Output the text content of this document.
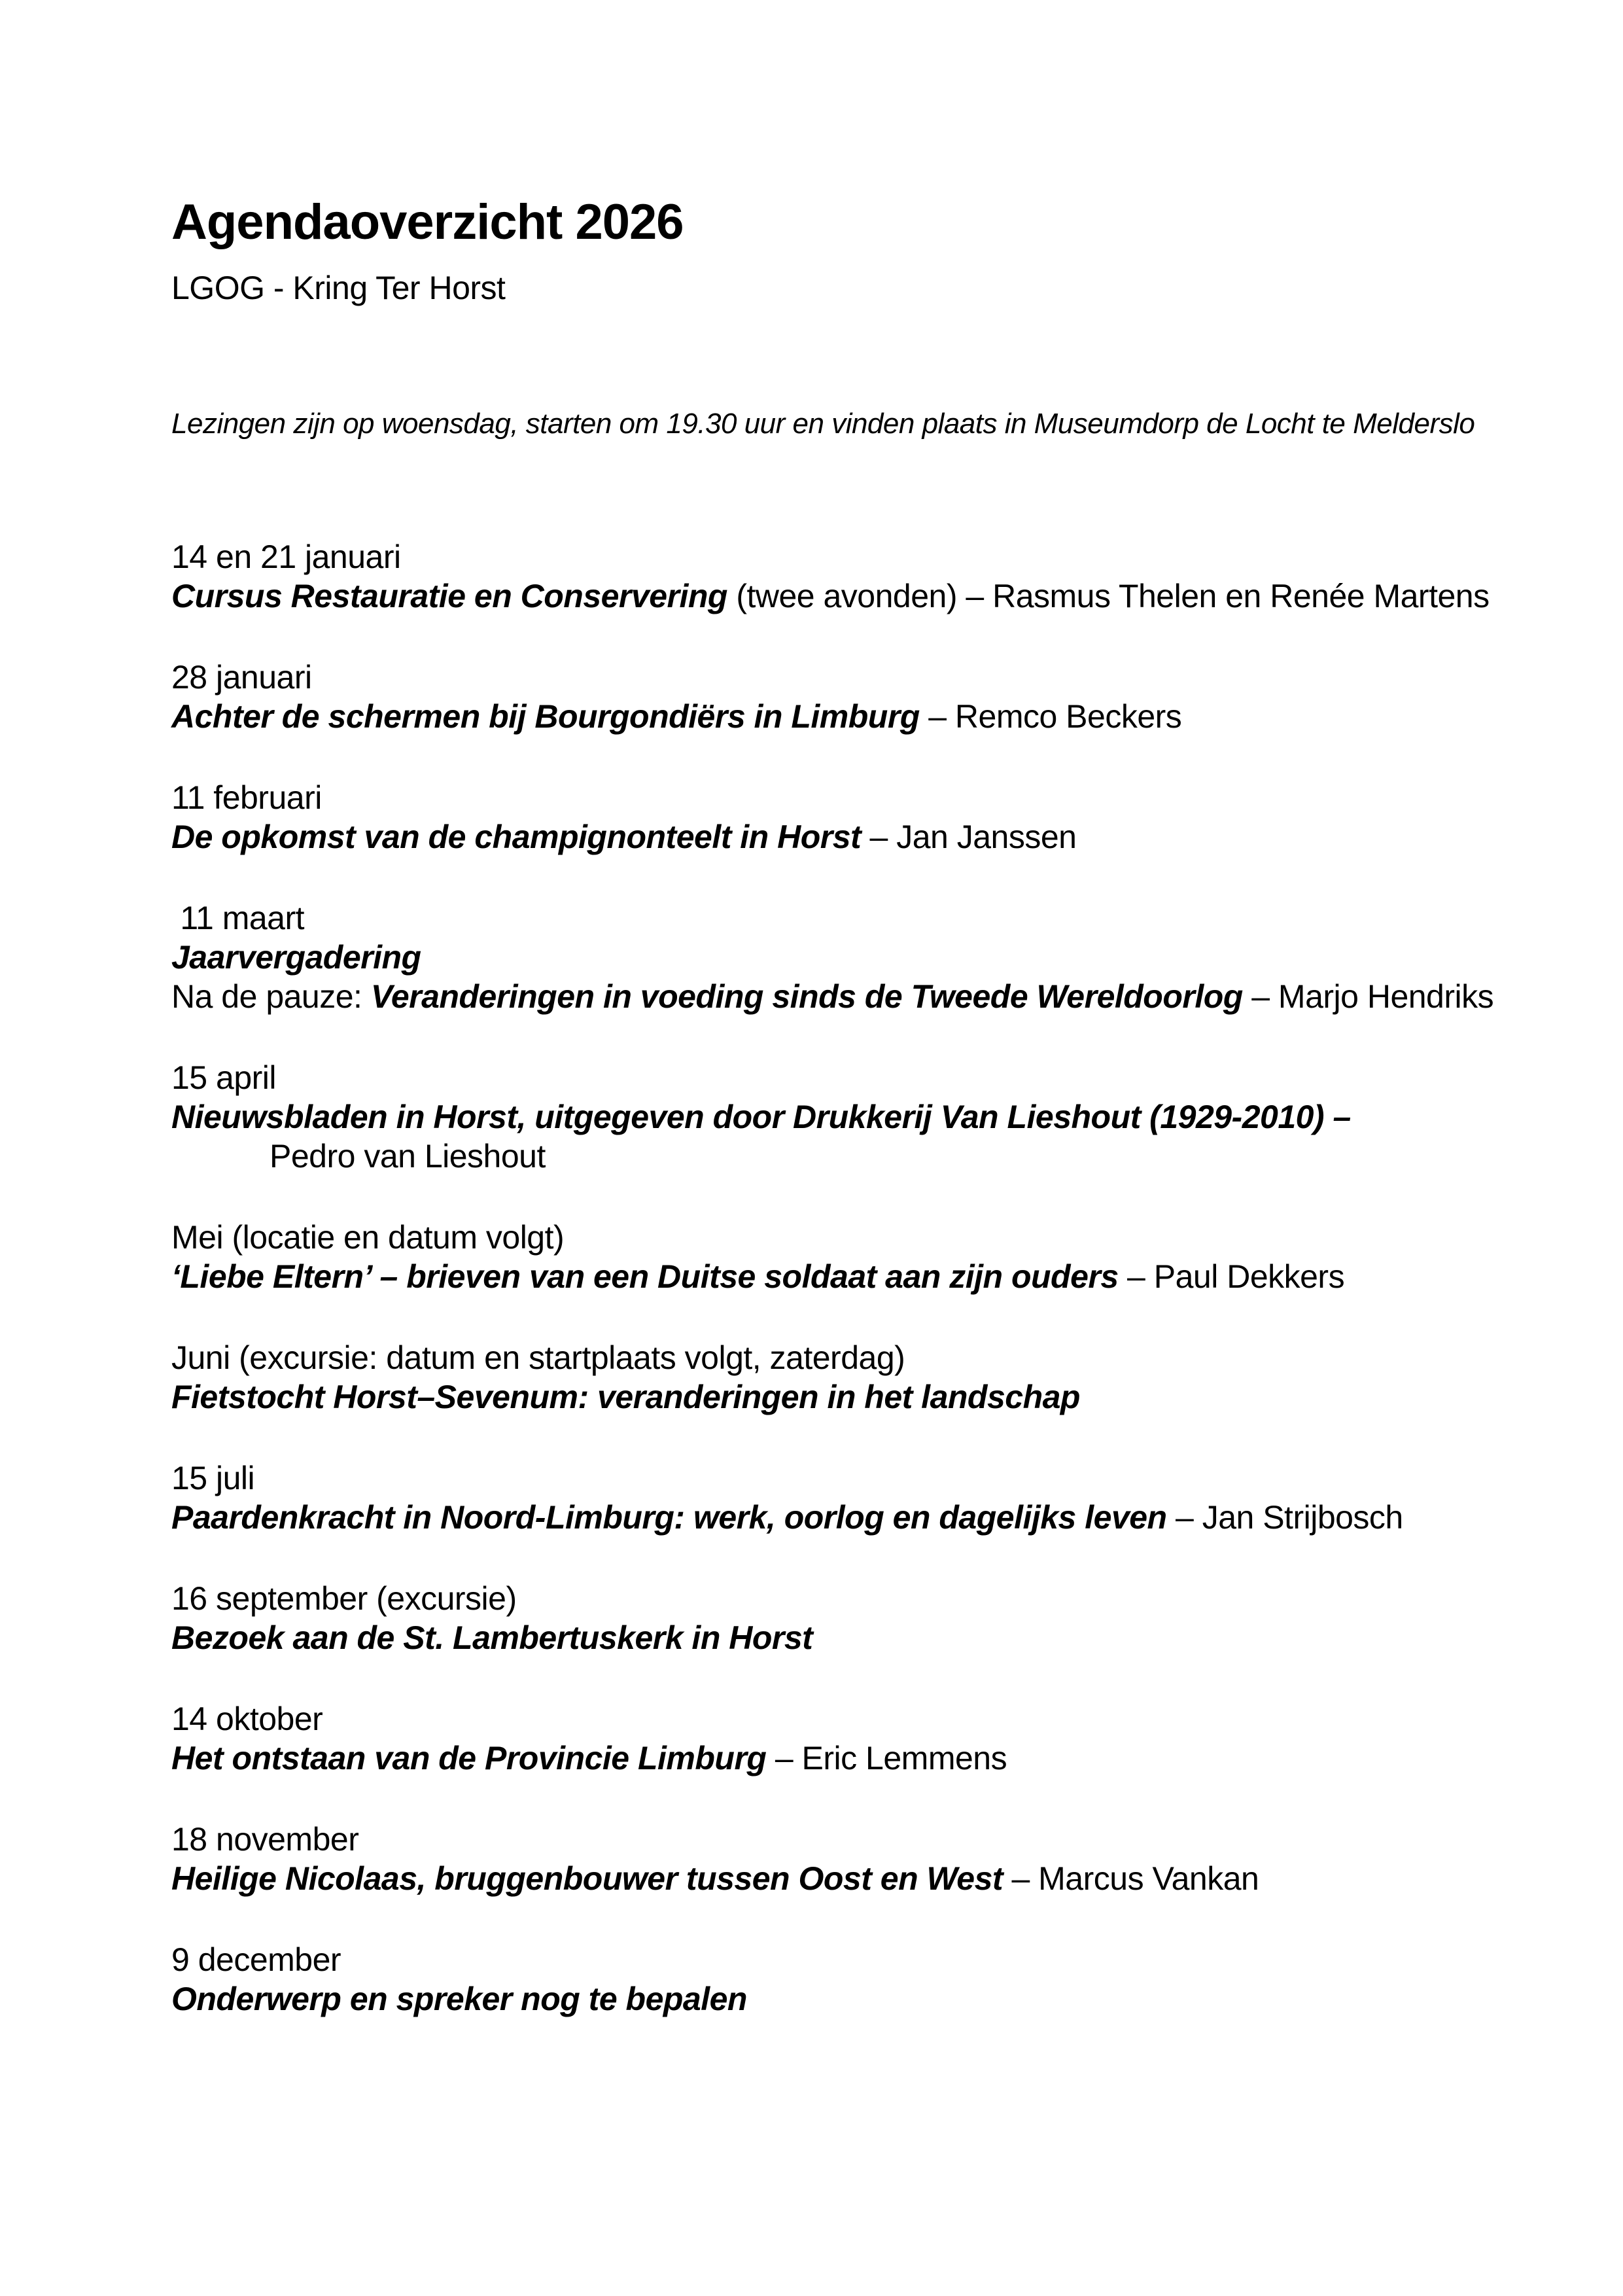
Agendaoverzicht 2026

LGOG - Kring Ter Horst

Lezingen zijn op woensdag, starten om 19.30 uur en vinden plaats in Museumdorp de Locht te Melderslo

14 en 21 januari
Cursus Restauratie en Conservering (twee avonden) – Rasmus Thelen en Renée Martens

28 januari
Achter de schermen bij Bourgondiërs in Limburg – Remco Beckers

11 februari
De opkomst van de champignonteelt in Horst – Jan Janssen

11 maart
Jaarvergadering
Na de pauze: Veranderingen in voeding sinds de Tweede Wereldoorlog – Marjo Hendriks

15 april
Nieuwsbladen in Horst, uitgegeven door Drukkerij Van Lieshout (1929-2010) –
Pedro van Lieshout

Mei (locatie en datum volgt)
‘Liebe Eltern’ – brieven van een Duitse soldaat aan zijn ouders – Paul Dekkers

Juni (excursie: datum en startplaats volgt, zaterdag)
Fietstocht Horst–Sevenum: veranderingen in het landschap

15 juli
Paardenkracht in Noord-Limburg: werk, oorlog en dagelijks leven – Jan Strijbosch

16 september (excursie)
Bezoek aan de St. Lambertuskerk in Horst

14 oktober
Het ontstaan van de Provincie Limburg – Eric Lemmens

18 november
Heilige Nicolaas, bruggenbouwer tussen Oost en West – Marcus Vankan

9 december
Onderwerp en spreker nog te bepalen
